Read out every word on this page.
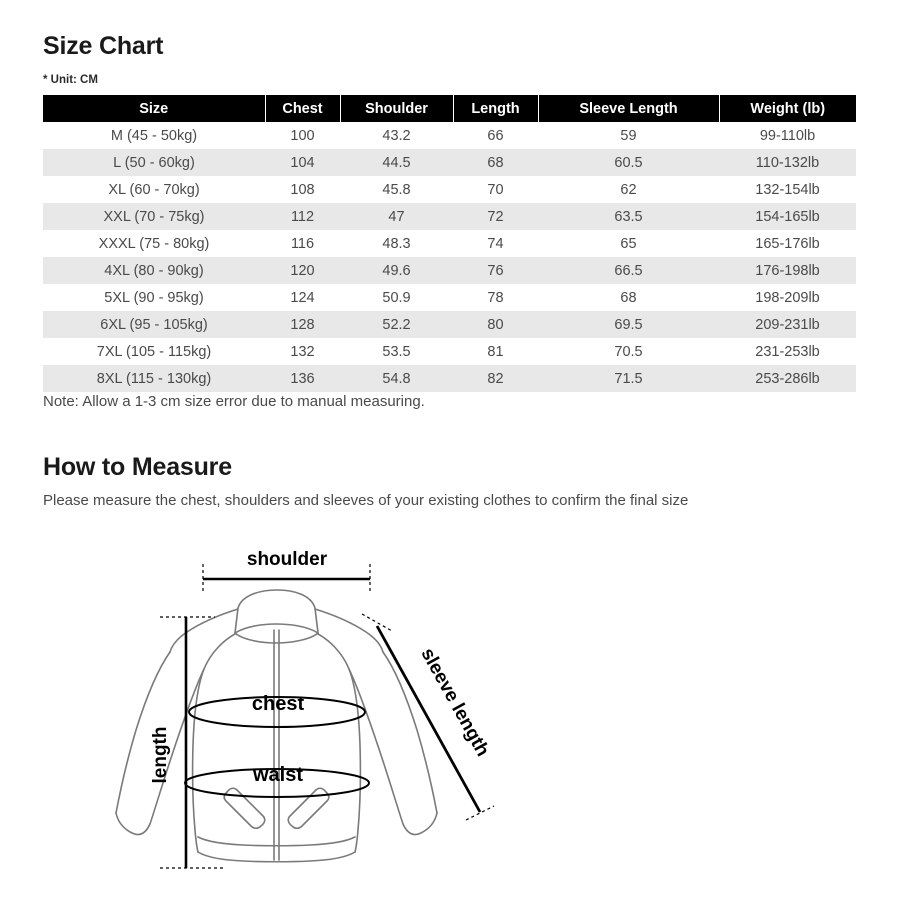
Size Chart
* Unit: CM
Size	Chest	Shoulder	Length	Sleeve Length	Weight (lb)
M (45 - 50kg)	100	43.2	66	59	99-110lb
L (50 - 60kg)	104	44.5	68	60.5	110-132lb
XL (60 - 70kg)	108	45.8	70	62	132-154lb
XXL (70 - 75kg)	112	47	72	63.5	154-165lb
XXXL (75 - 80kg)	116	48.3	74	65	165-176lb
4XL (80 - 90kg)	120	49.6	76	66.5	176-198lb
5XL (90 - 95kg)	124	50.9	78	68	198-209lb
6XL (95 - 105kg)	128	52.2	80	69.5	209-231lb
7XL (105 - 115kg)	132	53.5	81	70.5	231-253lb
8XL (115 - 130kg)	136	54.8	82	71.5	253-286lb
Note: Allow a 1-3 cm size error due to manual measuring.
How to Measure
Please measure the chest, shoulders and sleeves of your existing clothes to confirm the final size
shoulder
length
chest
waist
sleeve length
